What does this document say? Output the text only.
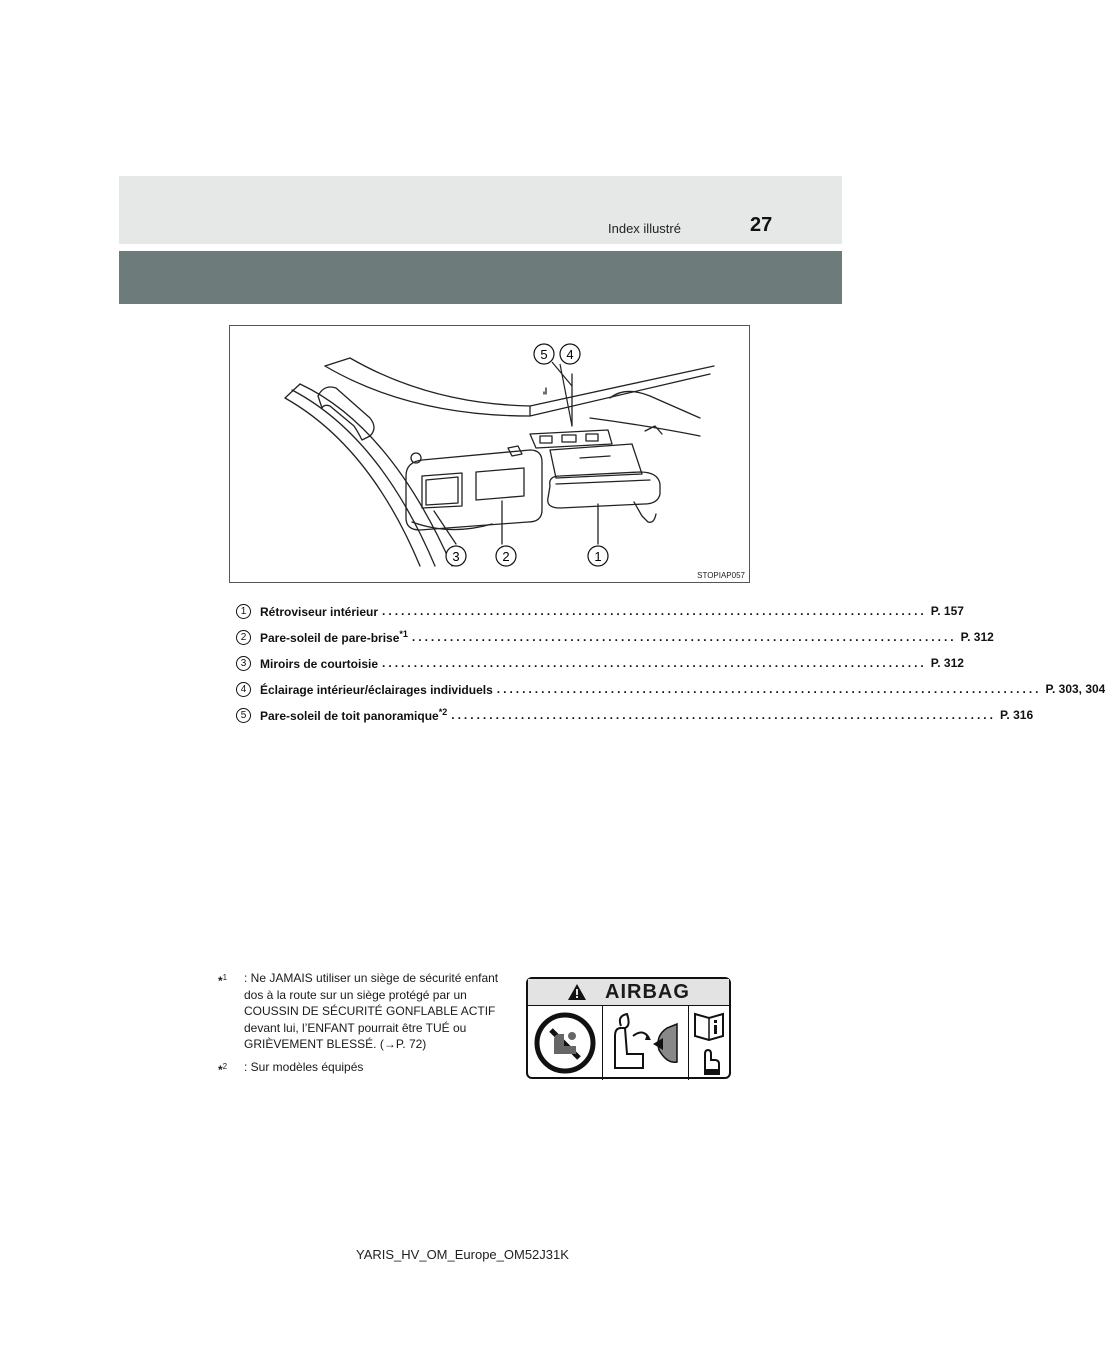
Index illustré	27
1
2
3
4
5
STOPIAP057
1	Rétroviseur intérieur ...................................................................................... P. 157
2	Pare-soleil de pare-brise$^{*1}$ ...................................................................................... P. 312
3	Miroirs de courtoisie ...................................................................................... P. 312
4	Éclairage intérieur/éclairages individuels ...................................................................................... P. 303, 304
5	Pare-soleil de toit panoramique$^{*2}$ ...................................................................................... P. 316
*$^1$	: Ne JAMAIS utiliser un siège de sécurité enfant dos à la route sur un siège protégé par un COUSSIN DE SÉCURITÉ GONFLABLE ACTIF devant lui, l’ENFANT pourrait être TUÉ ou GRIÈVEMENT BLESSÉ. (→P. 72)
*$^2$	: Sur modèles équipés
AIRBAG
YARIS_HV_OM_Europe_OM52J31K
